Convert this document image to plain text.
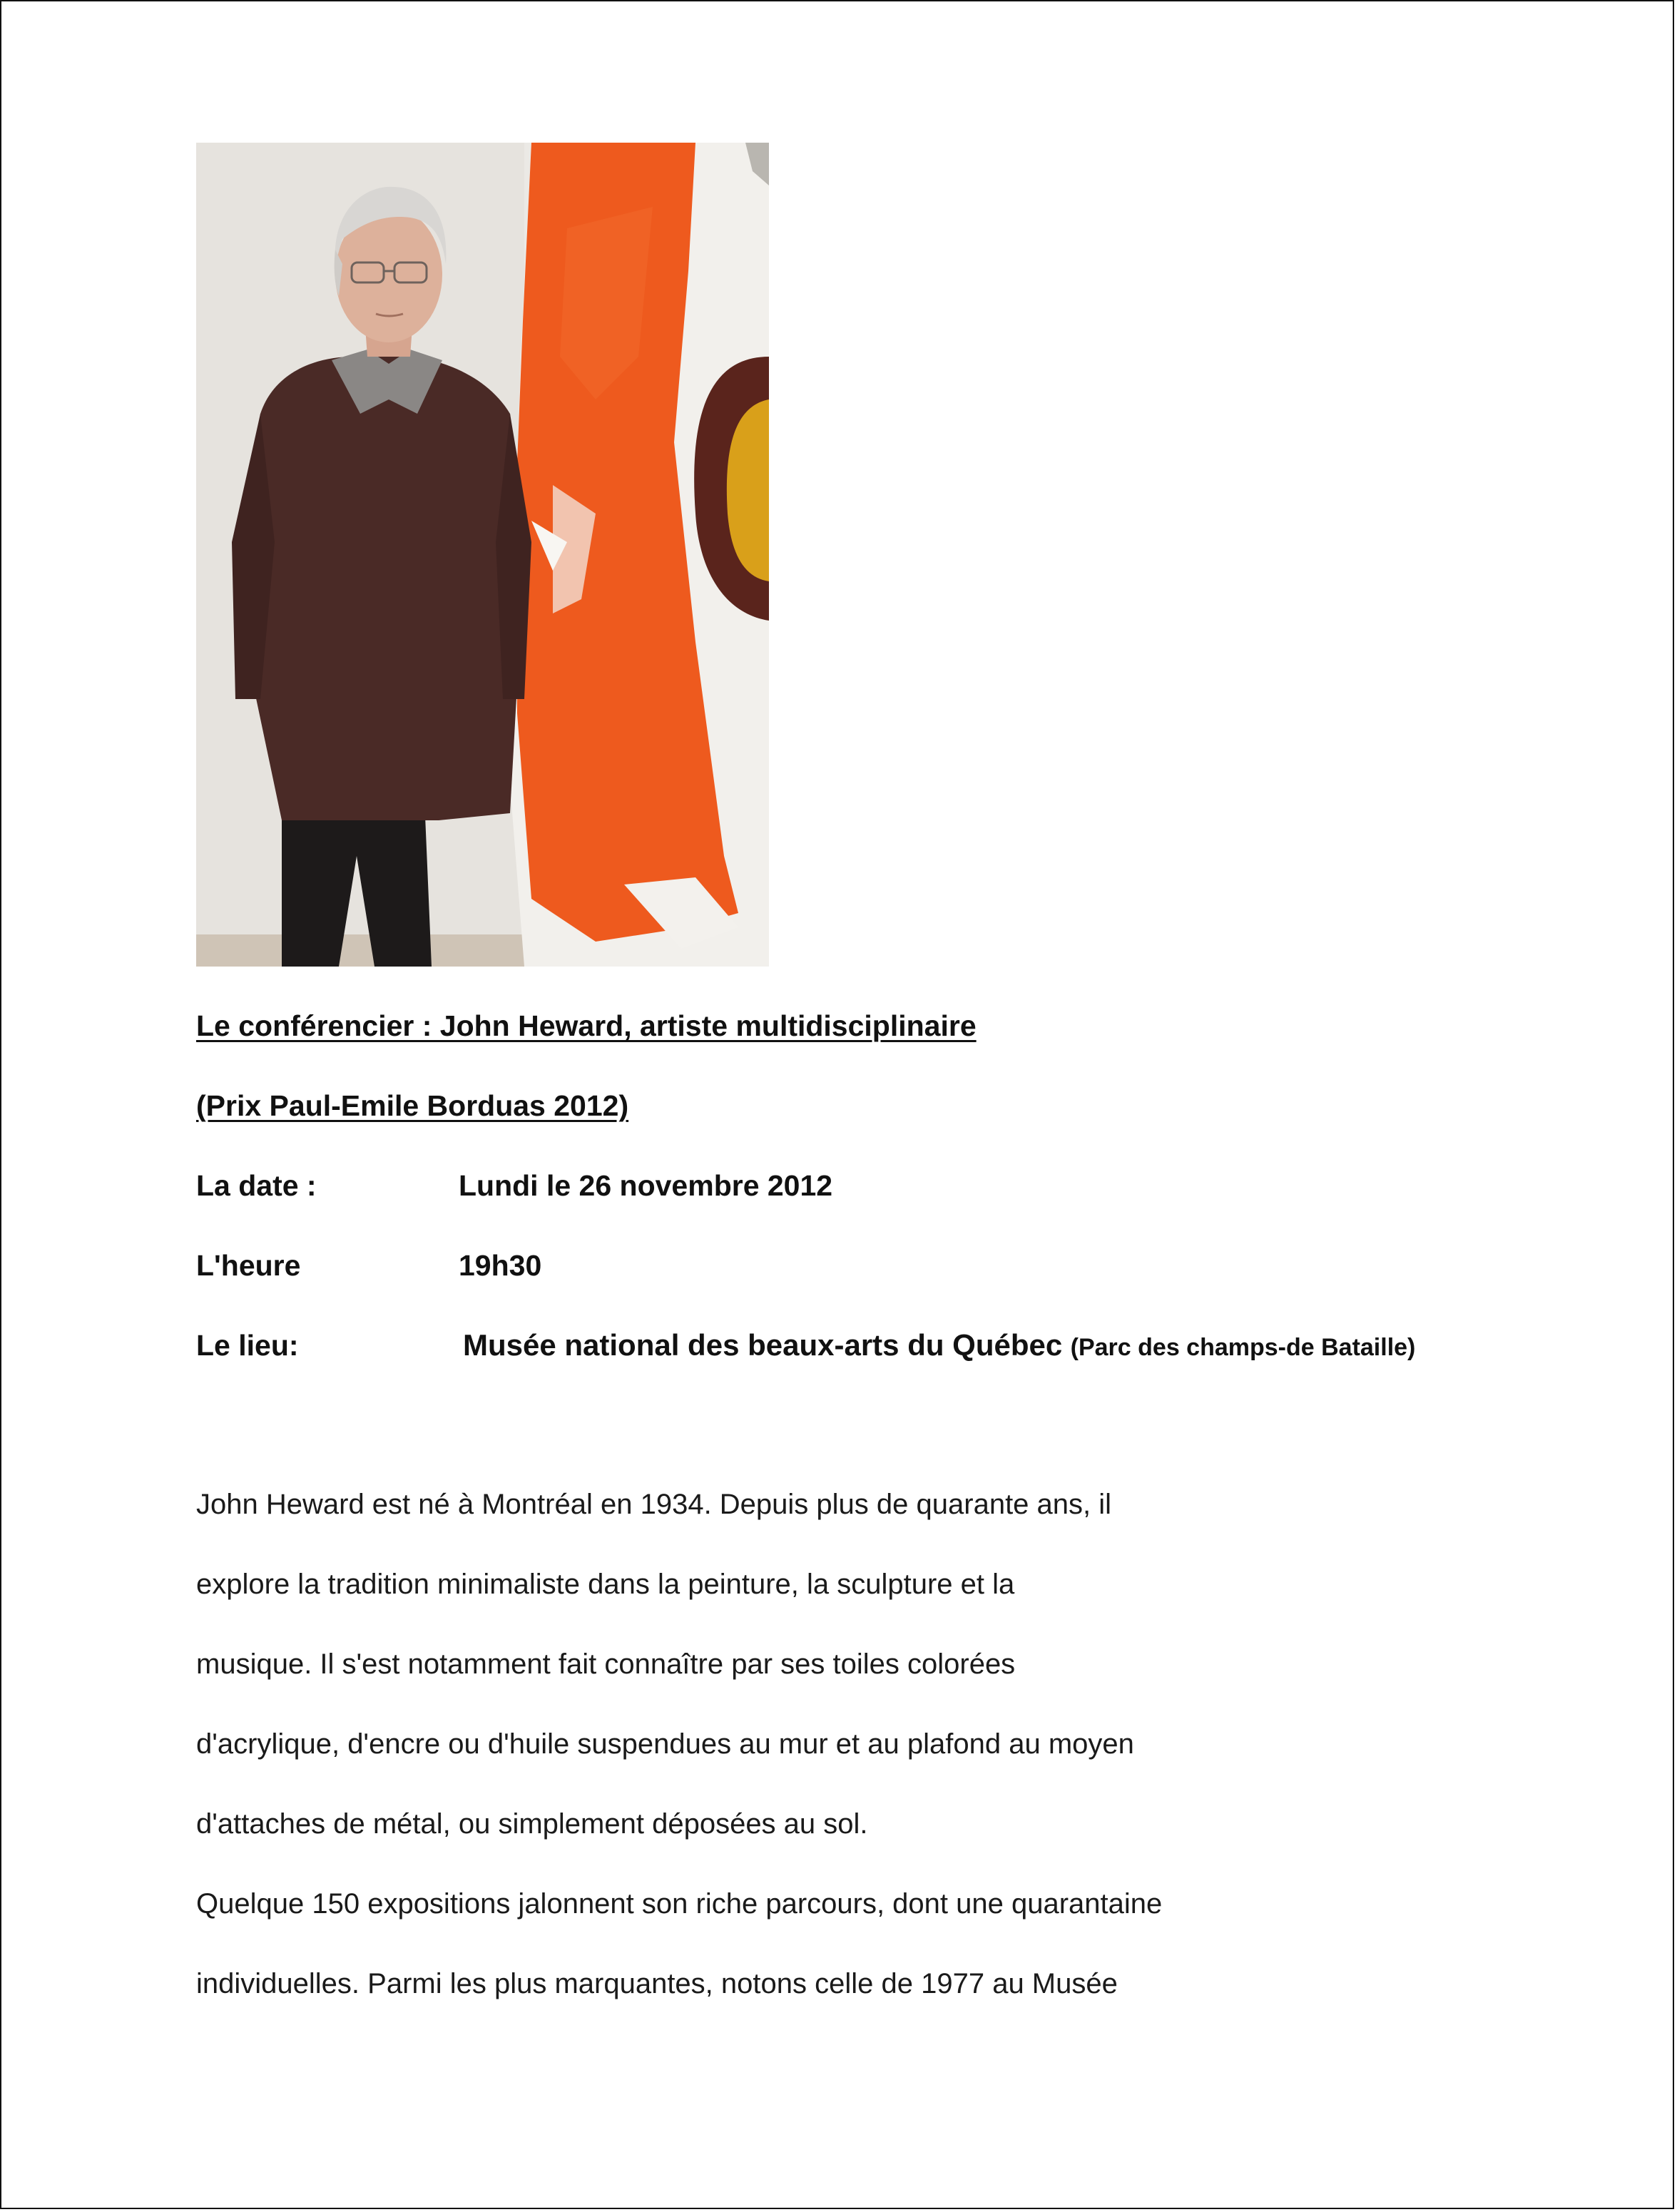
Le conférencier : John Heward, artiste multidisciplinaire
(Prix Paul-Emile Borduas 2012)
La date :	Lundi le 26 novembre 2012
L'heure	19h30
Le lieu:	Musée national des beaux-arts du Québec (Parc des champs-de Bataille)
John Heward est né à Montréal en 1934. Depuis plus de quarante ans, il
explore la tradition minimaliste dans la peinture, la sculpture et la
musique. Il s'est notamment fait connaître par ses toiles colorées
d'acrylique, d'encre ou d'huile suspendues au mur et au plafond au moyen
d'attaches de métal, ou simplement déposées au sol.
Quelque 150 expositions jalonnent son riche parcours, dont une quarantaine
individuelles. Parmi les plus marquantes, notons celle de 1977 au Musée
